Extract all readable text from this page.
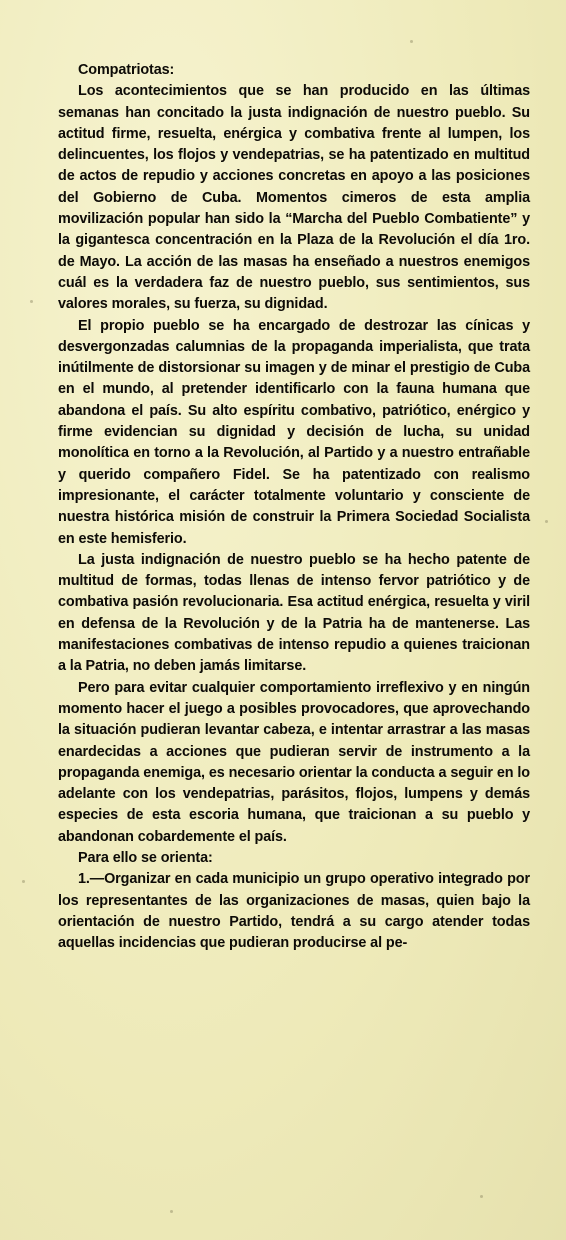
Compatriotas:

Los acontecimientos que se han producido en las últimas semanas han concitado la justa indignación de nuestro pueblo. Su actitud firme, resuelta, enérgica y combativa frente al lumpen, los delincuentes, los flojos y vendepatrias, se ha patentizado en multitud de actos de repudio y acciones concretas en apoyo a las posiciones del Gobierno de Cuba. Momentos cimeros de esta amplia movilización popular han sido la “Marcha del Pueblo Combatiente” y la gigantesca concentración en la Plaza de la Revolución el día 1ro. de Mayo. La acción de las masas ha enseñado a nuestros enemigos cuál es la verdadera faz de nuestro pueblo, sus sentimientos, sus valores morales, su fuerza, su dignidad.

El propio pueblo se ha encargado de destrozar las cínicas y desvergonzadas calumnias de la propaganda imperialista, que trata inútilmente de distorsionar su imagen y de minar el prestigio de Cuba en el mundo, al pretender identificarlo con la fauna humana que abandona el país. Su alto espíritu combativo, patriótico, enérgico y firme evidencian su dignidad y decisión de lucha, su unidad monolítica en torno a la Revolución, al Partido y a nuestro entrañable y querido compañero Fidel. Se ha patentizado con realismo impresionante, el carácter totalmente voluntario y consciente de nuestra histórica misión de construir la Primera Sociedad Socialista en este hemisferio.

La justa indignación de nuestro pueblo se ha hecho patente de multitud de formas, todas llenas de intenso fervor patriótico y de combativa pasión revolucionaria. Esa actitud enérgica, resuelta y viril en defensa de la Revolución y de la Patria ha de mantenerse. Las manifestaciones combativas de intenso repudio a quienes traicionan a la Patria, no deben jamás limitarse.

Pero para evitar cualquier comportamiento irreflexivo y en ningún momento hacer el juego a posibles provocadores, que aprovechando la situación pudieran levantar cabeza, e intentar arrastrar a las masas enardecidas a acciones que pudieran servir de instrumento a la propaganda enemiga, es necesario orientar la conducta a seguir en lo adelante con los vendepatrias, parásitos, flojos, lumpens y demás especies de esta escoria humana, que traicionan a su pueblo y abandonan cobardemente el país.

Para ello se orienta:

1.—Organizar en cada municipio un grupo operativo integrado por los representantes de las organizaciones de masas, quien bajo la orientación de nuestro Partido, tendrá a su cargo atender todas aquellas incidencias que pudieran producirse al pe-
